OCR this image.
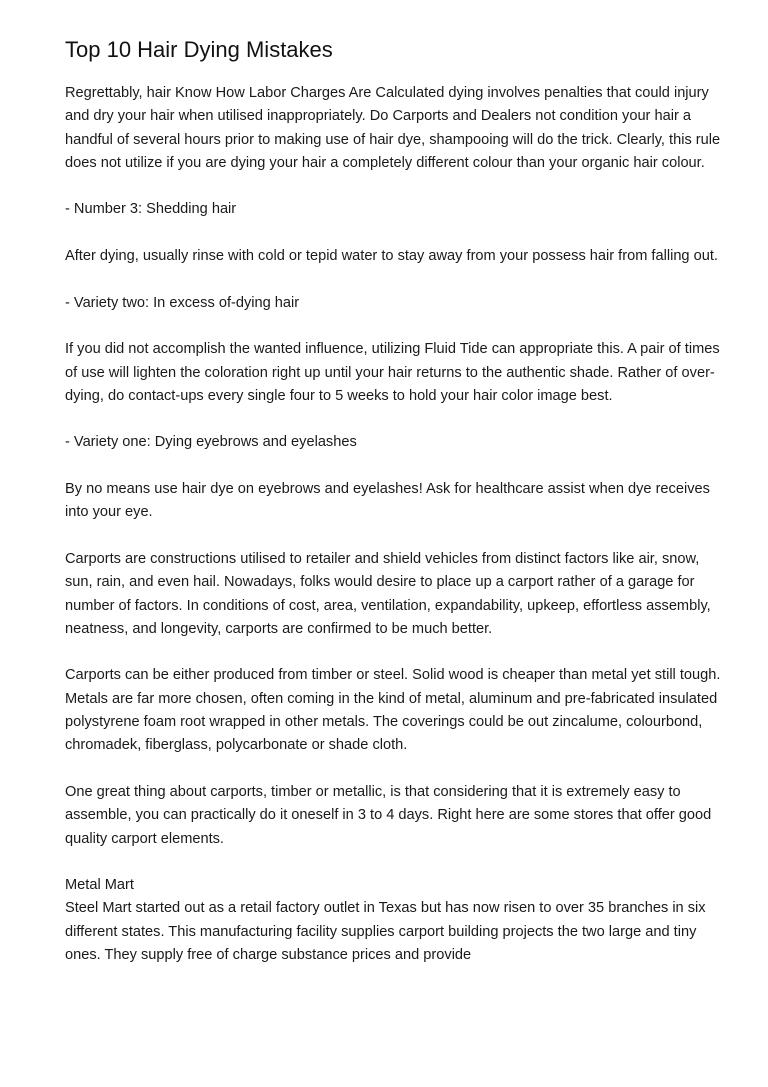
Top 10 Hair Dying Mistakes

Regrettably, hair Know How Labor Charges Are Calculated dying involves penalties that could injury and dry your hair when utilised inappropriately. Do Carports and Dealers not condition your hair a handful of several hours prior to making use of hair dye, shampooing will do the trick. Clearly, this rule does not utilize if you are dying your hair a completely different colour than your organic hair colour.

- Number 3: Shedding hair

After dying, usually rinse with cold or tepid water to stay away from your possess hair from falling out.

- Variety two: In excess of-dying hair

If you did not accomplish the wanted influence, utilizing Fluid Tide can appropriate this. A pair of times of use will lighten the coloration right up until your hair returns to the authentic shade. Rather of over-dying, do contact-ups every single four to 5 weeks to hold your hair color image best.

- Variety one: Dying eyebrows and eyelashes

By no means use hair dye on eyebrows and eyelashes! Ask for healthcare assist when dye receives into your eye.

Carports are constructions utilised to retailer and shield vehicles from distinct factors like air, snow, sun, rain, and even hail. Nowadays, folks would desire to place up a carport rather of a garage for number of factors. In conditions of cost, area, ventilation, expandability, upkeep, effortless assembly, neatness, and longevity, carports are confirmed to be much better.

Carports can be either produced from timber or steel. Solid wood is cheaper than metal yet still tough. Metals are far more chosen, often coming in the kind of metal, aluminum and pre-fabricated insulated polystyrene foam root wrapped in other metals. The coverings could be out zincalume, colourbond, chromadek, fiberglass, polycarbonate or shade cloth.

One great thing about carports, timber or metallic, is that considering that it is extremely easy to assemble, you can practically do it oneself in 3 to 4 days. Right here are some stores that offer good quality carport elements.

Metal Mart

Steel Mart started out as a retail factory outlet in Texas but has now risen to over 35 branches in six different states. This manufacturing facility supplies carport building projects the two large and tiny ones. They supply free of charge substance prices and provide
